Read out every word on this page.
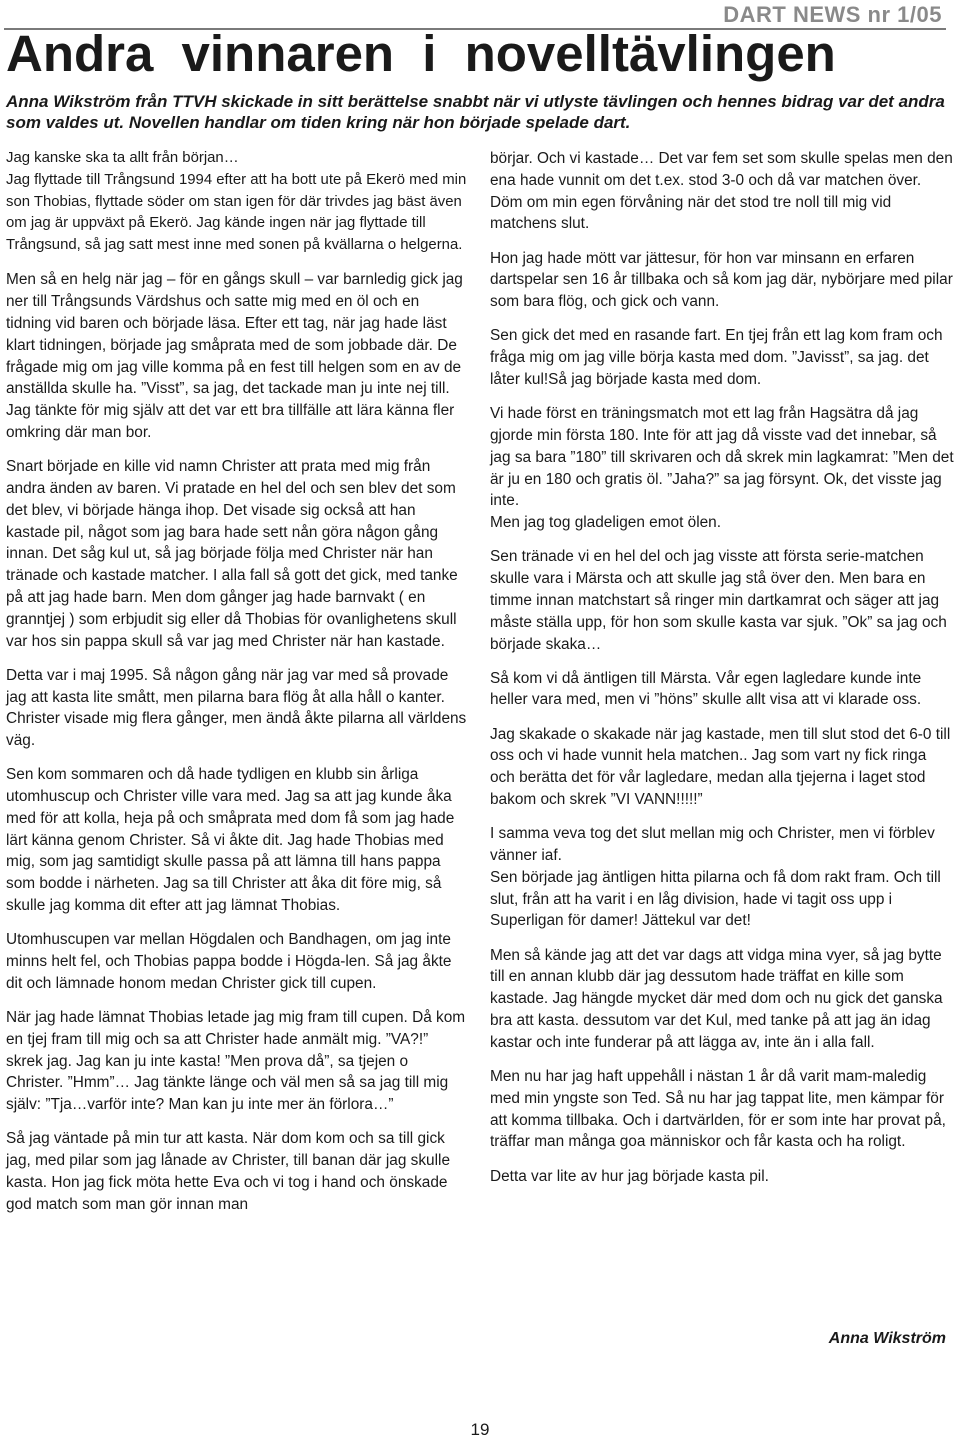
DART NEWS nr 1/05
Andra vinnaren i novelltävlingen

Anna Wikström från TTVH skickade in sitt berättelse snabbt när vi utlyste tävlingen och hennes bidrag var det andra som valdes ut. Novellen handlar om tiden kring när hon började spelade dart.

Jag kanske ska ta allt från början…
Jag flyttade till Trångsund 1994 efter att ha bott ute på Ekerö med min son Thobias, flyttade söder om stan igen för där trivdes jag bäst även om jag är uppväxt på Ekerö. Jag kände ingen när jag flyttade till Trångsund, så jag satt mest inne med sonen på kvällarna o helgerna.

Men så en helg när jag – för en gångs skull – var barnledig gick jag ner till Trångsunds Värdshus och satte mig med en öl och en tidning vid baren och började läsa. Efter ett tag, när jag hade läst klart tidningen, började jag småprata med de som jobbade där. De frågade mig om jag ville komma på en fest till helgen som en av de anställda skulle ha. ”Visst”, sa jag, det tackade man ju inte nej till. Jag tänkte för mig själv att det var ett bra tillfälle att lära känna fler omkring där man bor.

Snart började en kille vid namn Christer att prata med mig från andra änden av baren. Vi pratade en hel del och sen blev det som det blev, vi började hänga ihop. Det visade sig också att han kastade pil, något som jag bara hade sett nån göra någon gång innan. Det såg kul ut, så jag började följa med Christer när han tränade och kastade matcher. I alla fall så gott det gick, med tanke på att jag hade barn. Men dom gånger jag hade barnvakt ( en granntjej ) som erbjudit sig eller då Thobias för ovanlighetens skull var hos sin pappa skull så var jag med Christer när han kastade.

Detta var i maj 1995. Så någon gång när jag var med så provade jag att kasta lite smått, men pilarna bara flög åt alla håll o kanter. Christer visade mig flera gånger, men ändå åkte pilarna all världens väg.

Sen kom sommaren och då hade tydligen en klubb sin årliga utomhuscup och Christer ville vara med. Jag sa att jag kunde åka med för att kolla, heja på och småprata med dom få som jag hade lärt känna genom Christer. Så vi åkte dit. Jag hade Thobias med mig, som jag samtidigt skulle passa på att lämna till hans pappa som bodde i närheten. Jag sa till Christer att åka dit före mig, så skulle jag komma dit efter att jag lämnat Thobias.

Utomhuscupen var mellan Högdalen och Bandhagen, om jag inte minns helt fel, och Thobias pappa bodde i Högda-len. Så jag åkte dit och lämnade honom medan Christer gick till cupen.

När jag hade lämnat Thobias letade jag mig fram till cupen. Då kom en tjej fram till mig och sa att Christer hade anmält mig. ”VA?!” skrek jag. Jag kan ju inte kasta! ”Men prova då”, sa tjejen o Christer. ”Hmm”… Jag tänkte länge och väl men så sa jag till mig själv: ”Tja…varför inte? Man kan ju inte mer än förlora…”

Så jag väntade på min tur att kasta. När dom kom och sa till gick jag, med pilar som jag lånade av Christer, till banan där jag skulle kasta. Hon jag fick möta hette Eva och vi tog i hand och önskade god match som man gör innan man

börjar. Och vi kastade… Det var fem set som skulle spelas men den ena hade vunnit om det t.ex. stod 3-0 och då var matchen över. Döm om min egen förvåning när det stod tre noll till mig vid matchens slut.

Hon jag hade mött var jättesur, för hon var minsann en erfaren dartspelar sen 16 år tillbaka och så kom jag där, nybörjare med pilar som bara flög, och gick och vann.

Sen gick det med en rasande fart. En tjej från ett lag kom fram och fråga mig om jag ville börja kasta med dom. ”Javisst”, sa jag. det låter kul!Så jag började kasta med dom.

Vi hade först en träningsmatch mot ett lag från Hagsätra då jag gjorde min första 180. Inte för att jag då visste vad det innebar, så jag sa bara ”180” till skrivaren och då skrek min lagkamrat: ”Men det är ju en 180 och gratis öl. ”Jaha?” sa jag försynt. Ok, det visste jag inte.
Men jag tog gladeligen emot ölen.

Sen tränade vi en hel del och jag visste att första serie-matchen skulle vara i Märsta och att skulle jag stå över den. Men bara en timme innan matchstart så ringer min dartkamrat och säger att jag måste ställa upp, för hon som skulle kasta var sjuk. ”Ok” sa jag och började skaka…

Så kom vi då äntligen till Märsta. Vår egen lagledare kunde inte heller vara med, men vi ”höns” skulle allt visa att vi klarade oss.

Jag skakade o skakade när jag kastade, men till slut stod det 6-0 till oss och vi hade vunnit hela matchen.. Jag som vart ny fick ringa och berätta det för vår lagledare, medan alla tjejerna i laget stod bakom och skrek ”VI VANN!!!!!”

I samma veva tog det slut mellan mig och Christer, men vi förblev vänner iaf.
Sen började jag äntligen hitta pilarna och få dom rakt fram. Och till slut, från att ha varit i en låg division, hade vi tagit oss upp i Superligan för damer! Jättekul var det!

Men så kände jag att det var dags att vidga mina vyer, så jag bytte till en annan klubb där jag dessutom hade träffat en kille som kastade. Jag hängde mycket där med dom och nu gick det ganska bra att kasta. dessutom var det Kul, med tanke på att jag än idag kastar och inte funderar på att lägga av, inte än i alla fall.

Men nu har jag haft uppehåll i nästan 1 år då varit mam-maledig med min yngste son Ted. Så nu har jag tappat lite, men kämpar för att komma tillbaka. Och i dartvärlden, för er som inte har provat på, träffar man många goa människor och får kasta och ha roligt.

Detta var lite av hur jag började kasta pil.

Anna Wikström
19
